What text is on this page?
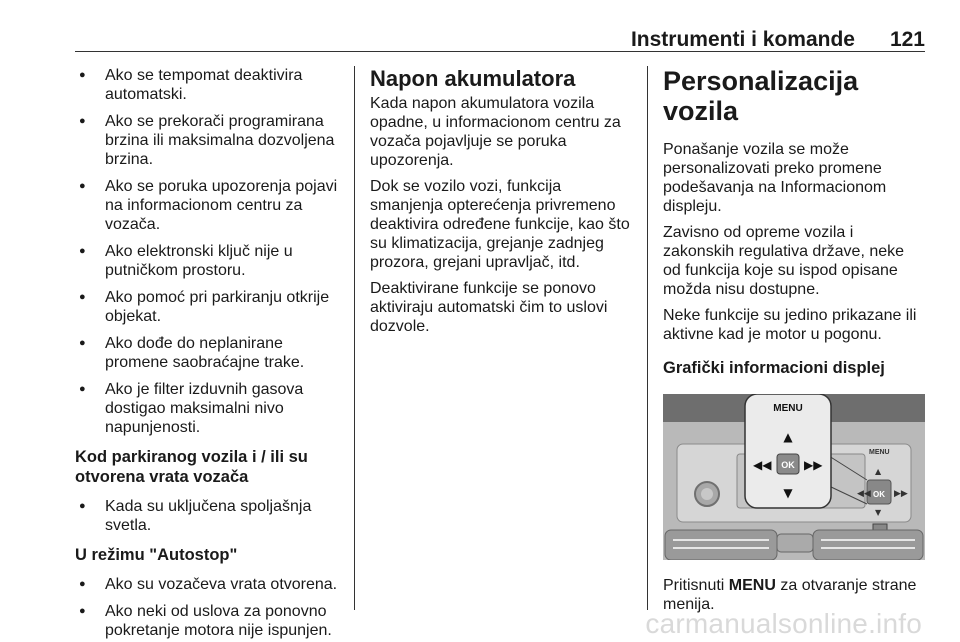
Instrumenti i komande 121
● Ako se tempomat deaktivira automatski.
● Ako se prekorači programirana brzina ili maksimalna dozvoljena brzina.
● Ako se poruka upozorenja pojavi na informacionom centru za vozača.
● Ako elektronski ključ nije u putničkom prostoru.
● Ako pomoć pri parkiranju otkrije objekat.
● Ako dođe do neplanirane promene saobraćajne trake.
● Ako je filter izduvnih gasova dostigao maksimalni nivo napunjenosti.
Kod parkiranog vozila i / ili su otvorena vrata vozača
● Kada su uključena spoljašnja svetla.
U režimu "Autostop"
● Ako su vozačeva vrata otvorena.
● Ako neki od uslova za ponovno pokretanje motora nije ispunjen.
Napon akumulatora

Kada napon akumulatora vozila opadne, u informacionom centru za vozača pojavljuje se poruka upozorenja.

Dok se vozilo vozi, funkcija smanjenja opterećenja privremeno deaktivira određene funkcije, kao što su klimatizacija, grejanje zadnjeg prozora, grejani upravljač, itd.

Deaktivirane funkcije se ponovo aktiviraju automatski čim to uslovi dozvole.

Personalizacija vozila

Ponašanje vozila se može personalizovati preko promene podešavanja na Informacionom displeju.

Zavisno od opreme vozila i zakonskih regulativa države, neke od funkcija koje su ispod opisane možda nisu dostupne.

Neke funkcije su jedino prikazane ili aktivne kad je motor u pogonu.

Grafički informacioni displej
OK
MENU
◀◀	▶▶
▲
▼
MENU
▲
OK
◀◀	▶▶
▼

Pritisnuti MENU za otvaranje strane menija.

carmanualsonline.info
